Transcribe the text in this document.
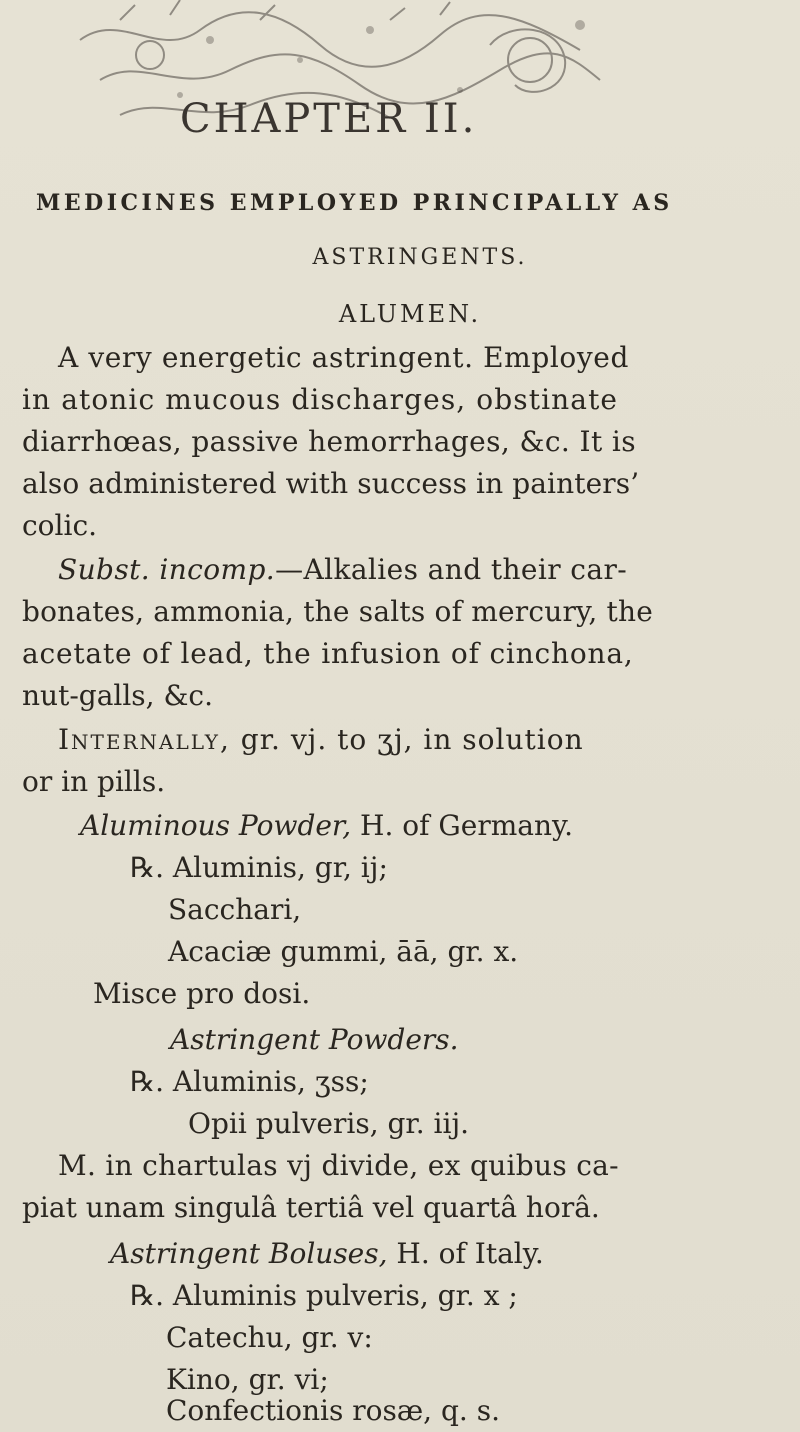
CHAPTER II.
MEDICINES EMPLOYED PRINCIPALLY AS
ASTRINGENTS.
ALUMEN.
A very energetic astringent. Employed
in atonic mucous discharges, obstinate
diarrhœas, passive hemorrhages, &c. It is
also administered with success in painters’
colic.
Subst. incomp.—Alkalies and their car-
bonates, ammonia, the salts of mercury, the
acetate of lead, the infusion of cinchona,
nut-galls, &c.
Internally, gr. vj. to ʒj, in solution
or in pills.
Aluminous Powder, H. of Germany.
℞. Aluminis, gr, ij;
Sacchari,
Acaciæ gummi, āā, gr. x.
Misce pro dosi.
Astringent Powders.
℞. Aluminis, ʒss;
Opii pulveris, gr. iij.
M. in chartulas vj divide, ex quibus ca-
piat unam singulâ tertiâ vel quartâ horâ.
Astringent Boluses, H. of Italy.
℞. Aluminis pulveris, gr. x ;
Catechu, gr. v:
Kino, gr. vi;
Confectionis rosæ, q. s.
